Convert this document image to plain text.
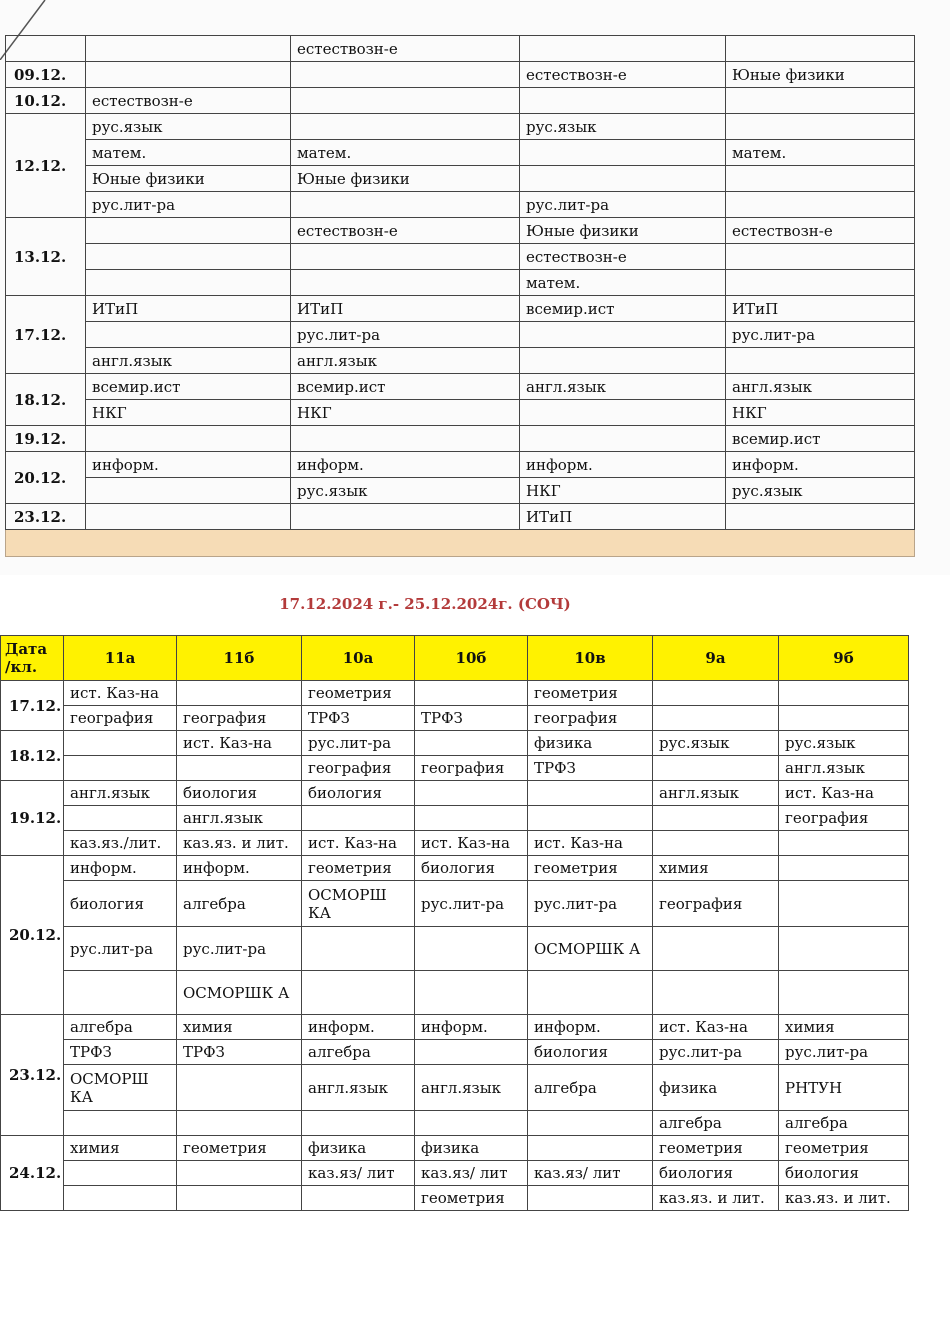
		естествозн-е		
09.12.			естествозн-е	Юные физики
10.12.	естествозн-е			
12.12.	рус.язык		рус.язык	
	матем.	матем.		матем.
	Юные физики	Юные физики		
	рус.лит-ра		рус.лит-ра	
13.12.		естествозн-е	Юные физики	естествозн-е
			естествозн-е	
			матем.	
17.12.	ИТиП	ИТиП	всемир.ист	ИТиП
		рус.лит-ра		рус.лит-ра
	англ.язык	англ.язык		
18.12.	всемир.ист	всемир.ист	англ.язык	англ.язык
	НКГ	НКГ		НКГ
19.12.				всемир.ист
20.12.	информ.	информ.	информ.	информ.
		рус.язык	НКГ	рус.язык
23.12.			ИТиП	

17.12.2024 г.- 25.12.2024г. (СОЧ)
Дата /кл.	11а	11б	10а	10б	10в	9а	9б
17.12.	ист. Каз-на		геометрия		геометрия		
	география	география	ТРФЗ	ТРФЗ	география		
18.12.		ист. Каз-на	рус.лит-ра		физика	рус.язык	рус.язык
			география	география	ТРФЗ		англ.язык
19.12.	англ.язык	биология	биология			англ.язык	ист. Каз-на
		англ.язык					география
	каз.яз./лит.	каз.яз. и лит.	ист. Каз-на	ист. Каз-на	ист. Каз-на		
20.12.	информ.	информ.	геометрия	биология	геометрия	химия	
	биология	алгебра	ОСМОРШ КА	рус.лит-ра	рус.лит-ра	география	
	рус.лит-ра	рус.лит-ра			ОСМОРШК А		
		ОСМОРШК А					
23.12.	алгебра	химия	информ.	информ.	информ.	ист. Каз-на	химия
	ТРФЗ	ТРФЗ	алгебра		биология	рус.лит-ра	рус.лит-ра
	ОСМОРШ КА		англ.язык	англ.язык	алгебра	физика	РНТУН
						алгебра	алгебра
24.12.	химия	геометрия	физика	физика		геометрия	геометрия
			каз.яз/ лит	каз.яз/ лит	каз.яз/ лит	биология	биология
				геометрия		каз.яз. и лит.	каз.яз. и лит.
